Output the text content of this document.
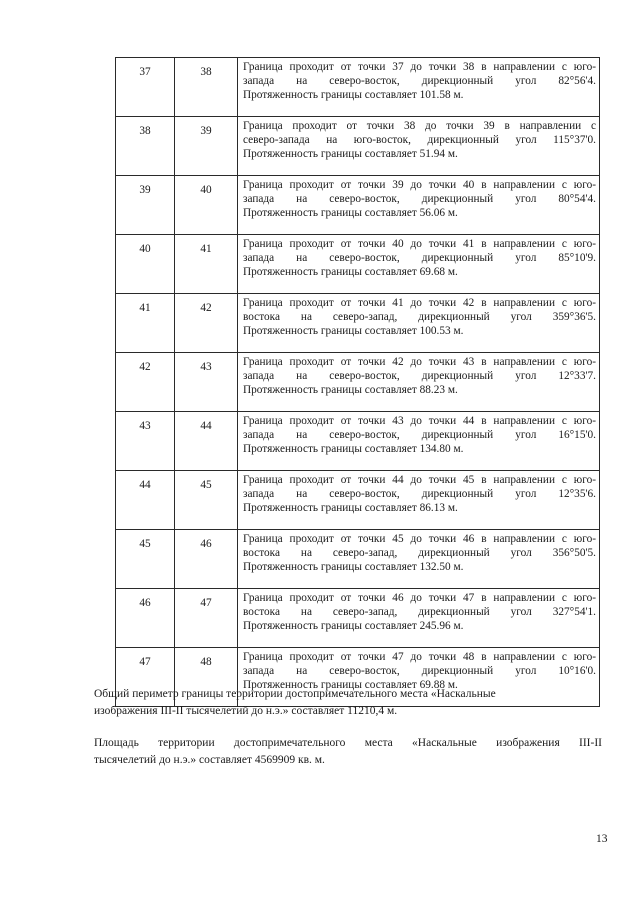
37	38	Граница проходит от точки 37 до точки 38 в направлении с юго-
запада на северо-восток, дирекционный угол 82°56'4.
Протяженность границы составляет 101.58 м.

38	39	Граница проходит от точки 38 до точки 39 в направлении с
северо-запада на юго-восток, дирекционный угол 115°37'0.
Протяженность границы составляет 51.94 м.

39	40	Граница проходит от точки 39 до точки 40 в направлении с юго-
запада на северо-восток, дирекционный угол 80°54'4.
Протяженность границы составляет 56.06 м.

40	41	Граница проходит от точки 40 до точки 41 в направлении с юго-
запада на северо-восток, дирекционный угол 85°10'9.
Протяженность границы составляет 69.68 м.

41	42	Граница проходит от точки 41 до точки 42 в направлении с юго-
востока на северо-запад, дирекционный угол 359°36'5.
Протяженность границы составляет 100.53 м.

42	43	Граница проходит от точки 42 до точки 43 в направлении с юго-
запада на северо-восток, дирекционный угол 12°33'7.
Протяженность границы составляет 88.23 м.

43	44	Граница проходит от точки 43 до точки 44 в направлении с юго-
запада на северо-восток, дирекционный угол 16°15'0.
Протяженность границы составляет 134.80 м.

44	45	Граница проходит от точки 44 до точки 45 в направлении с юго-
запада на северо-восток, дирекционный угол 12°35'6.
Протяженность границы составляет 86.13 м.

45	46	Граница проходит от точки 45 до точки 46 в направлении с юго-
востока на северо-запад, дирекционный угол 356°50'5.
Протяженность границы составляет 132.50 м.

46	47	Граница проходит от точки 46 до точки 47 в направлении с юго-
востока на северо-запад, дирекционный угол 327°54'1.
Протяженность границы составляет 245.96 м.

47	48	Граница проходит от точки 47 до точки 48 в направлении с юго-
запада на северо-восток, дирекционный угол 10°16'0.
Протяженность границы составляет 69.88 м.
Общий периметр границы территории достопримечательного места «Наскальные
изображения III-II тысячелетий до н.э.» составляет 11210,4 м.
Площадь территории достопримечательного места «Наскальные изображения III-II
тысячелетий до н.э.» составляет 4569909 кв. м.
13
